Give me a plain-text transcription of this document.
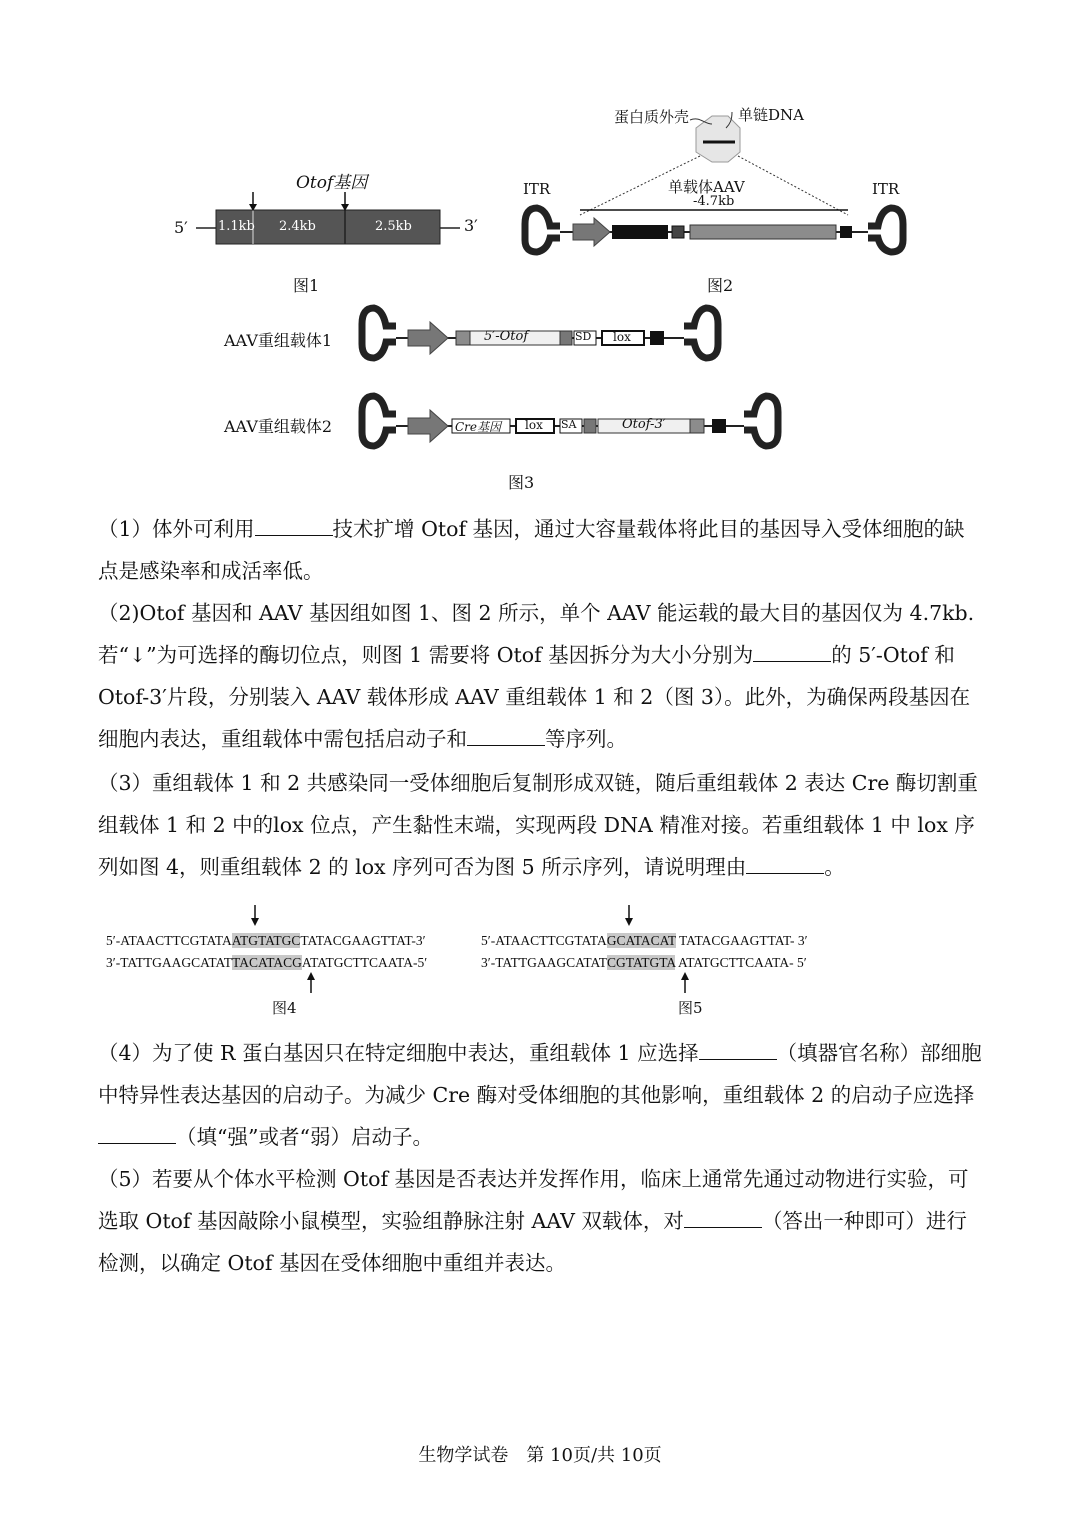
Otof基因
5′	3′
1.1kb 2.4kb	2.5kb
图1
蛋白质外壳	单链DNA
ITR	ITR
单载体AAV
-4.7kb
图2
AAV重组载体1	5′-Otof	SD lox
AAV重组载体2	Cre基因 lox SA	Otof-3′
图3
（1）体外可利用	技术扩增 Otof 基因，通过大容量载体将此目的基因导入受体细胞的缺点是感染率和成活率低。
（2)Otof 基因和 AAV 基因组如图 1、图 2 所示，单个 AAV 能运载的最大目的基因仅为 4.7kb. 若“↓”为可选择的酶切位点，则图 1 需要将 Otof 基因拆分为大小分别为	的 5′-Otof 和 Otof-3′片段，分别装入 AAV 载体形成 AAV 重组载体 1 和 2（图 3）。此外，为确保两段基因在细胞内表达，重组载体中需包括启动子和	等序列。
（3）重组载体 1 和 2 共感染同一受体细胞后复制形成双链，随后重组载体 2 表达 Cre 酶切割重组载体 1 和 2 中的lox 位点，产生黏性末端，实现两段 DNA 精准对接。若重组载体 1 中 lox 序列如图 4，则重组载体 2 的 lox 序列可否为图 5 所示序列，请说明理由	。
5′-ATAACTTCGTATAATGTATGCTATACGAAGTTAT-3′
3′-TATTGAAGCATATTACATACGATATGCTTCAATA-5′
图4
5′-ATAACTTCGTATAGCATACAT TATACGAAGTTAT- 3′
3′-TATTGAAGCATATCGTATGTA ATATGCTTCAATA- 5′
图5
（4）为了使 R 蛋白基因只在特定细胞中表达，重组载体 1 应选择	（填器官名称）部细胞中特异性表达基因的启动子。为减少 Cre 酶对受体细胞的其他影响，重组载体 2 的启动子应选择（填“强”或者“弱）启动子。
（5）若要从个体水平检测 Otof 基因是否表达并发挥作用，临床上通常先通过动物进行实验，可选取 Otof 基因敲除小鼠模型，实验组静脉注射 AAV 双载体，对	（答出一种即可）进行检测，以确定 Otof 基因在受体细胞中重组并表达。
生物学试卷　第 10页/共 10页
